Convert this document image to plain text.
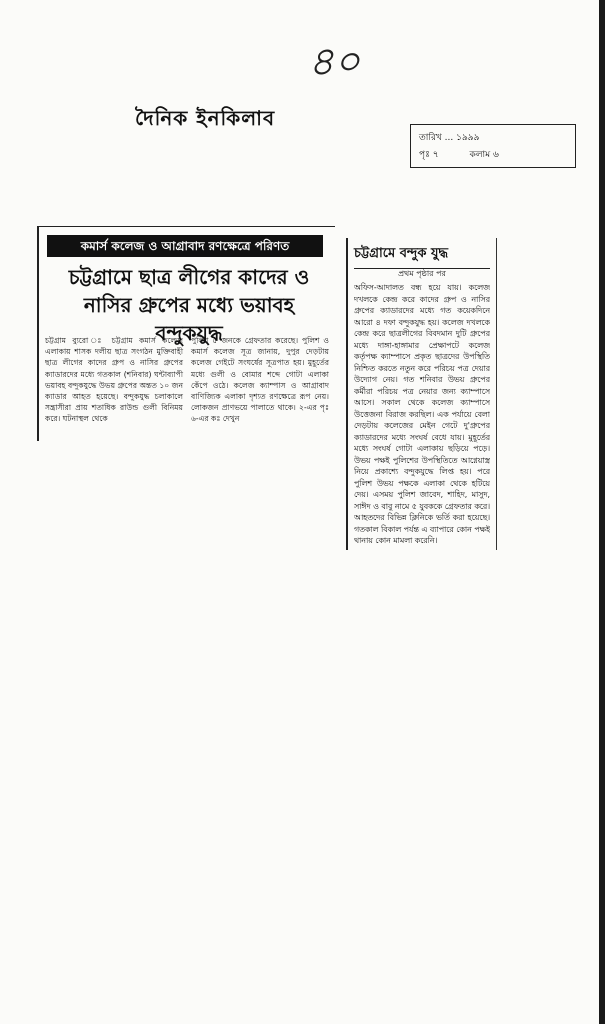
৪০
দৈনিক ইনকিলাব
তারিখ ... ১৯৯৯
পৃঃ ৭	কলাম ৬
কমার্স কলেজ ও আগ্রাবাদ রণক্ষেত্রে পরিণত
চট্টগ্রামে ছাত্র লীগের কাদের ও নাসির গ্রুপের মধ্যে ভয়াবহ বন্দুকযুদ্ধ
চট্টগ্রাম ব্যুরো ঃ চট্টগ্রাম কমার্স কলেজ এলাকায় শাসক দলীয় ছাত্র সংগঠন মুক্তিবাহী ছাত্র লীগের কাদের গ্রুপ ও নাসির গ্রুপের ক্যাডারদের মধ্যে গতকাল (শনিবার) ঘন্টাব্যাপী ভয়াবহ বন্দুকযুদ্ধে উভয় গ্রুপের অন্তত ১০ জন ক্যাডার আহত হয়েছে। বন্দুকযুদ্ধ চলাকালে সন্ত্রাসীরা প্রায় শতাধিক রাউন্ড গুলী বিনিময় করে। ঘটনাস্থল থেকে
পুলিশ ৫ জনকে গ্রেফতার করেছে। পুলিশ ও কমার্স কলেজ সূত্র জানায়, দুপুর দেড়টায় কলেজ গেইটে সংঘর্ষের সূত্রপাত হয়। মুহূর্তের মধ্যে গুলী ও বোমার শব্দে গোটা এলাকা কেঁপে ওঠে। কলেজ ক্যাম্পাস ও আগ্রাবাদ বাণিজ্যিক এলাকা দৃশ্যত রণক্ষেত্রে রূপ নেয়। লোকজন প্রাণভয়ে পালাতে থাকে। ২-এর পৃঃ ৬-এর কঃ দেখুন
চট্টগ্রামে বন্দুক যুদ্ধ
প্রথম পৃষ্ঠার পর
অফিস-আদালত বন্ধ হয়ে যায়। কলেজ দখলকে কেন্দ্র করে কাদের গ্রুপ ও নাসির গ্রুপের ক্যাডারদের মধ্যে গত কয়েকদিনে আরো ৪ দফা বন্দুকযুদ্ধ হয়। কলেজ দখলকে কেন্দ্র করে ছাত্রলীগের বিবদমান দুটি গ্রুপের মধ্যে দাঙ্গা-হাঙ্গামার প্রেক্ষাপটে কলেজ কর্তৃপক্ষ ক্যাম্পাসে প্রকৃত ছাত্রদের উপস্থিতি নিশ্চিত করতে নতুন করে পরিচয় পত্র দেয়ার উদ্যোগ নেয়। গত শনিবার উভয় গ্রুপের কর্মীরা পরিচয় পত্র নেয়ার জন্য ক্যাম্পাসে আসে। সকাল থেকে কলেজ ক্যাম্পাসে উত্তেজনা বিরাজ করছিল। এক পর্যায়ে বেলা দেড়টায় কলেজের মেইন গেটে দু'গ্রুপের ক্যাডারদের মধ্যে সংঘর্ষ বেধে যায়। মুহূর্তের মধ্যে সংঘর্ষ গোটা এলাকায় ছড়িয়ে পড়ে। উভয় পক্ষই পুলিশের উপস্থিতিতে আগ্নেয়াস্ত্র নিয়ে প্রকাশ্যে বন্দুকযুদ্ধে লিপ্ত হয়। পরে পুলিশ উভয় পক্ষকে এলাকা থেকে হটিয়ে দেয়। এসময় পুলিশ জাবেদ, শাহিদ, মাসুদ, সাঈদ ও বাবু নামে ৫ যুবককে গ্রেফতার করে। আহতদের বিভিন্ন ক্লিনিকে ভর্তি করা হয়েছে। গতকাল বিকাল পর্যন্ত এ ব্যাপারে কোন পক্ষই থানায় কোন মামলা করেনি।
